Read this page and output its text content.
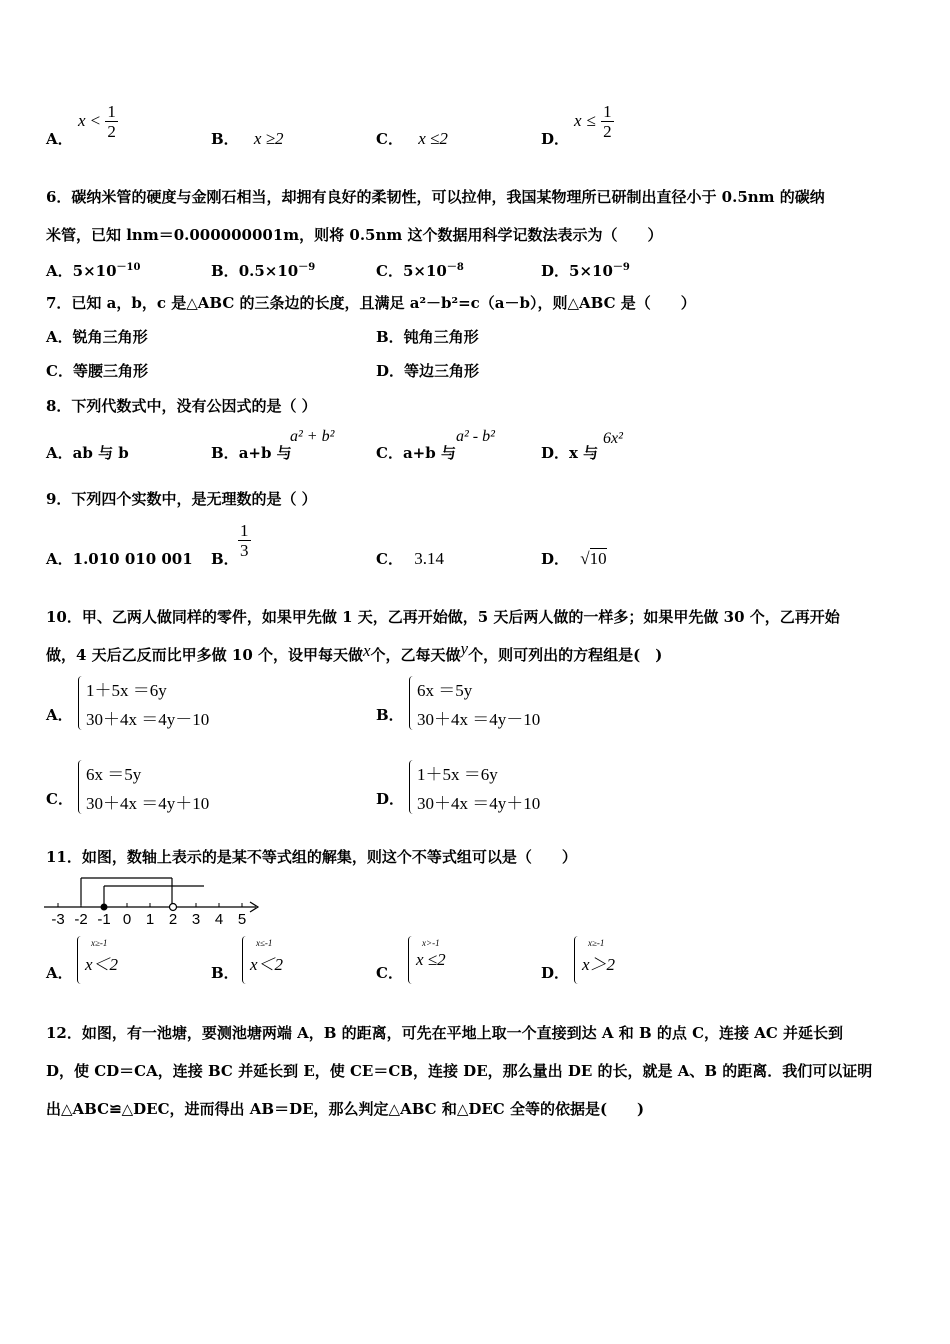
A．
$x < \frac{1}{2}$	B． x ≥2	C． x ≤2	D．
$x \le \frac{1}{2}$
6．碳纳米管的硬度与金刚石相当，却拥有良好的柔韧性，可以拉伸，我国某物理所已研制出直径小于 0.5nm 的碳纳
米管，已知 lnm＝0.000000001m，则将 0.5nm 这个数据用科学记数法表示为（　　）
A．$5\times 10^{-10}$	B．$0.5\times 10^{-9}$	C．$5\times 10^{-8}$	D．$5\times 10^{-9}$
7．已知 a，b，c 是△ABC 的三条边的长度，且满足 a²－b²=c（a－b），则△ABC 是（　　）
A．锐角三角形	B．钝角三角形
C．等腰三角形	D．等边三角形
8．下列代数式中，没有公因式的是（ ）
A．ab 与 b	B．a+b 与
a² + b²
C．a+b 与
a² - b²
D．x 与
6x²
9．下列四个实数中，是无理数的是（ ）
A．1.010 010 001 B． $\frac{1}{3}$	C． 3.14	D． √10
10．甲、乙两人做同样的零件，如果甲先做 1 天，乙再开始做，5 天后两人做的一样多；如果甲先做 30 个，乙再开始
做，4 天后乙反而比甲多做 10 个，设甲每天做x个，乙每天做y个，则可列出的方程组是(　)
A．
1＋5x ＝6y
30＋4x ＝4y－10	B．
6x ＝5y
30＋4x ＝4y－10
C．
6x ＝5y
30＋4x ＝4y＋10	D．
1＋5x ＝6y
30＋4x ＝4y＋10
11．如图，数轴上表示的是某不等式组的解集，则这个不等式组可以是（　　）
-3 -2 -1 0 1 2 3 4 5
A．
x≥-1
x＜2	B．
x≤-1
x＜2	C．
x>-1
x ≤2
D．
x≥-1
x＞2
12．如图，有一池塘，要测池塘两端 A，B 的距离，可先在平地上取一个直接到达 A 和 B 的点 C，连接 AC 并延长到
D，使 CD＝CA，连接 BC 并延长到 E，使 CE＝CB，连接 DE，那么量出 DE 的长，就是 A、B 的距离．我们可以证明
出△ABC≌△DEC，进而得出 AB＝DE，那么判定△ABC 和△DEC 全等的依据是(　　)
